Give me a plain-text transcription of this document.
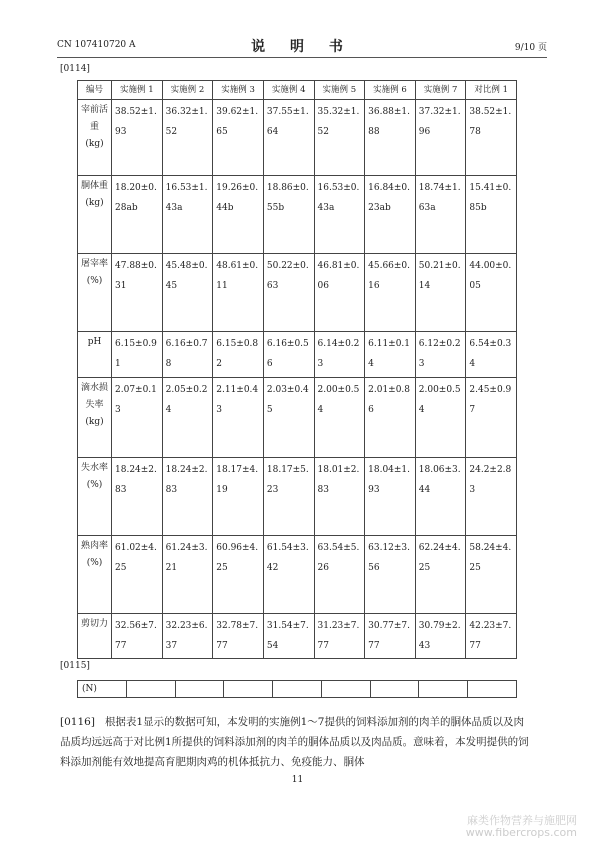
CN 107410720 A	说 明 书	9/10 页
[0114]
编号	实施例 1	实施例 2	实施例 3	实施例 4	实施例 5	实施例 6	实施例 7	对比例 1
宰前活重(kg)	38.52±1.93	36.32±1.52	39.62±1.65	37.55±1.64	35.32±1.52	36.88±1.88	37.32±1.96	38.52±1.78
胴体重(kg)	18.20±0.28ab	16.53±1.43a	19.26±0.44b	18.86±0.55b	16.53±0.43a	16.84±0.23ab	18.74±1.63a	15.41±0.85b
屠宰率(%)	47.88±0.31	45.48±0.45	48.61±0.11	50.22±0.63	46.81±0.06	45.66±0.16	50.21±0.14	44.00±0.05
pH	6.15±0.91	6.16±0.78	6.15±0.82	6.16±0.56	6.14±0.23	6.11±0.14	6.12±0.23	6.54±0.34
滴水损失率(kg)	2.07±0.13	2.05±0.24	2.11±0.43	2.03±0.45	2.00±0.54	2.01±0.86	2.00±0.54	2.45±0.97
失水率(%)	18.24±2.83	18.24±2.83	18.17±4.19	18.17±5.23	18.01±2.83	18.04±1.93	18.06±3.44	24.2±2.83
熟肉率(%)	61.02±4.25	61.24±3.21	60.96±4.25	61.54±3.42	63.54±5.26	63.12±3.56	62.24±4.25	58.24±4.25
剪切力	32.56±7.77	32.23±6.37	32.78±7.77	31.54±7.54	31.23±7.77	30.77±7.77	30.79±2.43	42.23±7.77
[0115]
(N)								
[0116] 根据表1显示的数据可知，本发明的实施例1～7提供的饲料添加剂的肉羊的胴体品质以及肉品质均远远高于对比例1所提供的饲料添加剂的肉羊的胴体品质以及肉品质。意味着，本发明提供的饲料添加剂能有效地提高育肥期肉鸡的机体抵抗力、免疫能力、胴体
11
麻类作物营养与施肥网
www.fibercrops.com
